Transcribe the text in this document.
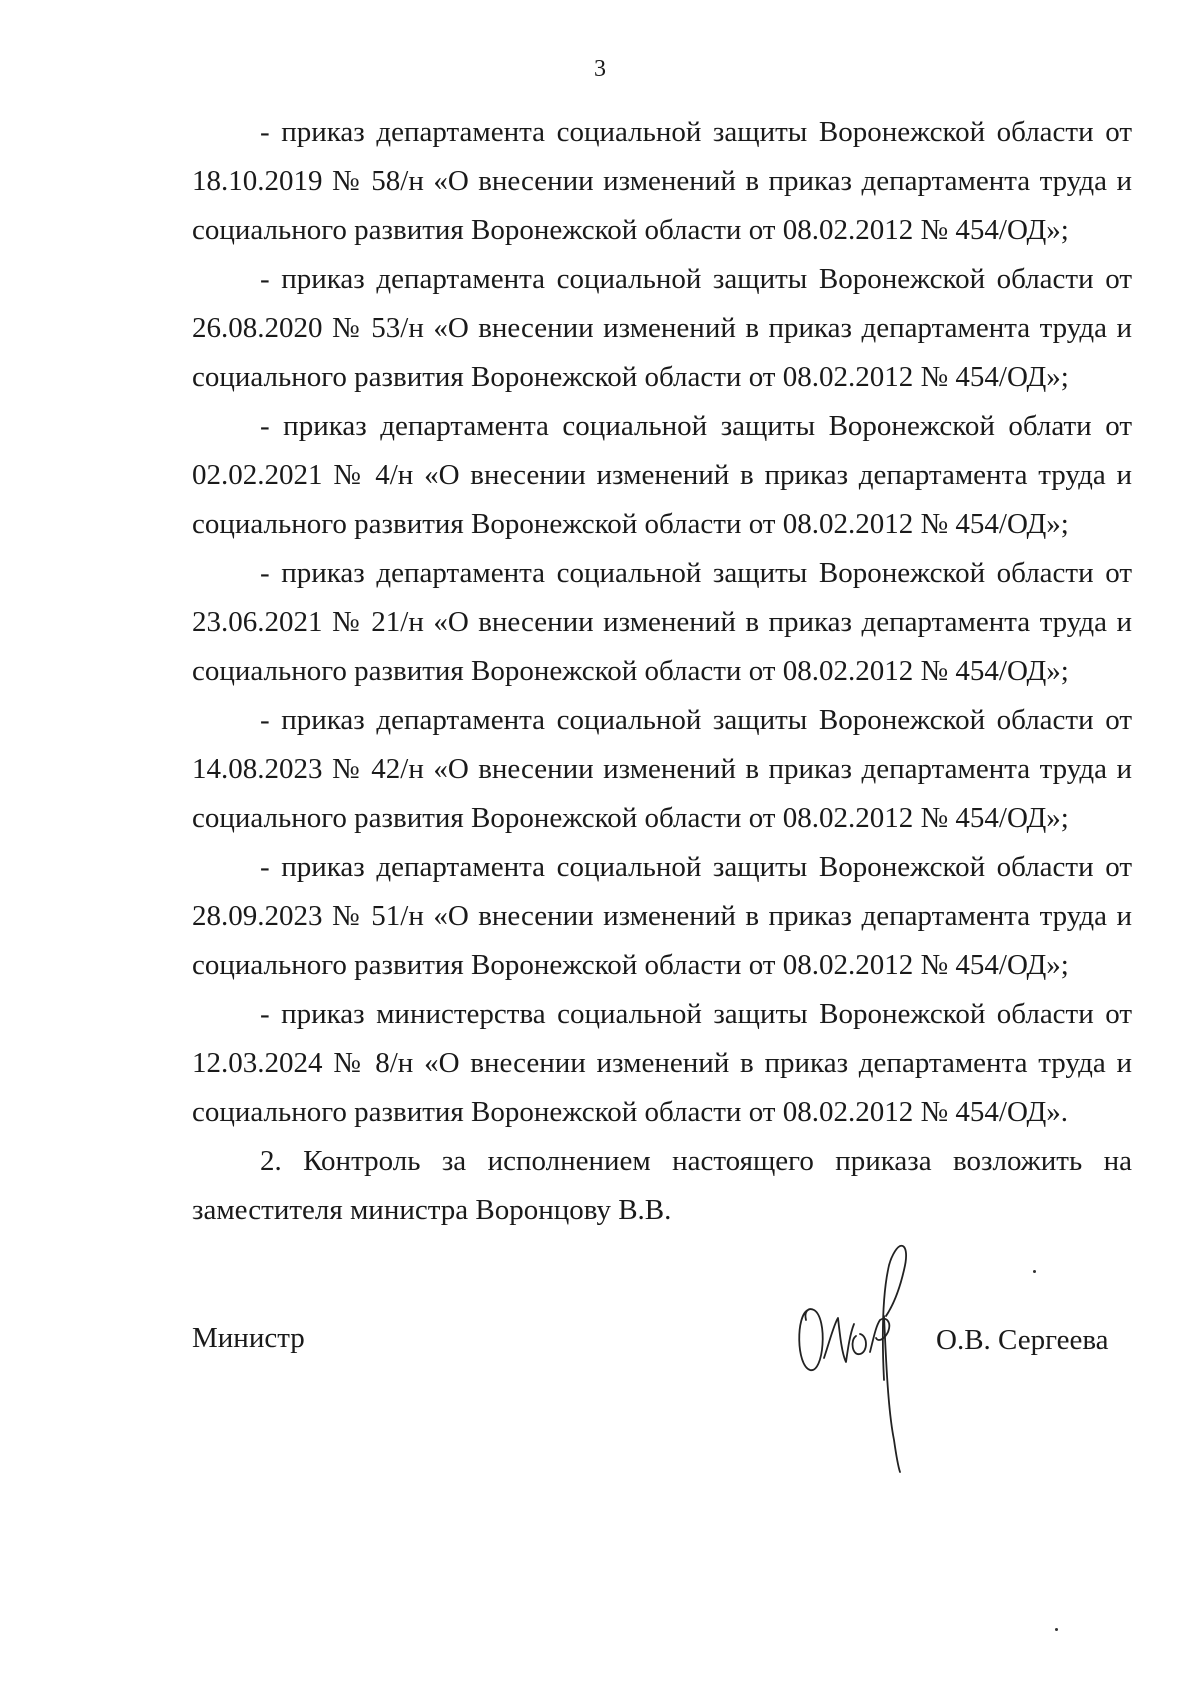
3

- приказ департамента социальной защиты Воронежской области от 18.10.2019 № 58/н «О внесении изменений в приказ департамента труда и социального развития Воронежской области от 08.02.2012 № 454/ОД»;

- приказ департамента социальной защиты Воронежской области от 26.08.2020 № 53/н «О внесении изменений в приказ департамента труда и социального развития Воронежской области от 08.02.2012 № 454/ОД»;

- приказ департамента социальной защиты Воронежской облати от 02.02.2021 № 4/н «О внесении изменений в приказ департамента труда и социального развития Воронежской области от 08.02.2012 № 454/ОД»;

- приказ департамента социальной защиты Воронежской области от 23.06.2021 № 21/н «О внесении изменений в приказ департамента труда и социального развития Воронежской области от 08.02.2012 № 454/ОД»;

- приказ департамента социальной защиты Воронежской области от 14.08.2023 № 42/н «О внесении изменений в приказ департамента труда и социального развития Воронежской области от 08.02.2012 № 454/ОД»;

- приказ департамента социальной защиты Воронежской области от 28.09.2023 № 51/н «О внесении изменений в приказ департамента труда и социального развития Воронежской области от 08.02.2012 № 454/ОД»;

- приказ министерства социальной защиты Воронежской области от 12.03.2024 № 8/н «О внесении изменений в приказ департамента труда и социального развития Воронежской области от 08.02.2012 № 454/ОД».

2. Контроль за исполнением настоящего приказа возложить на заместителя министра Воронцову В.В.

Министр	О.В. Сергеева
